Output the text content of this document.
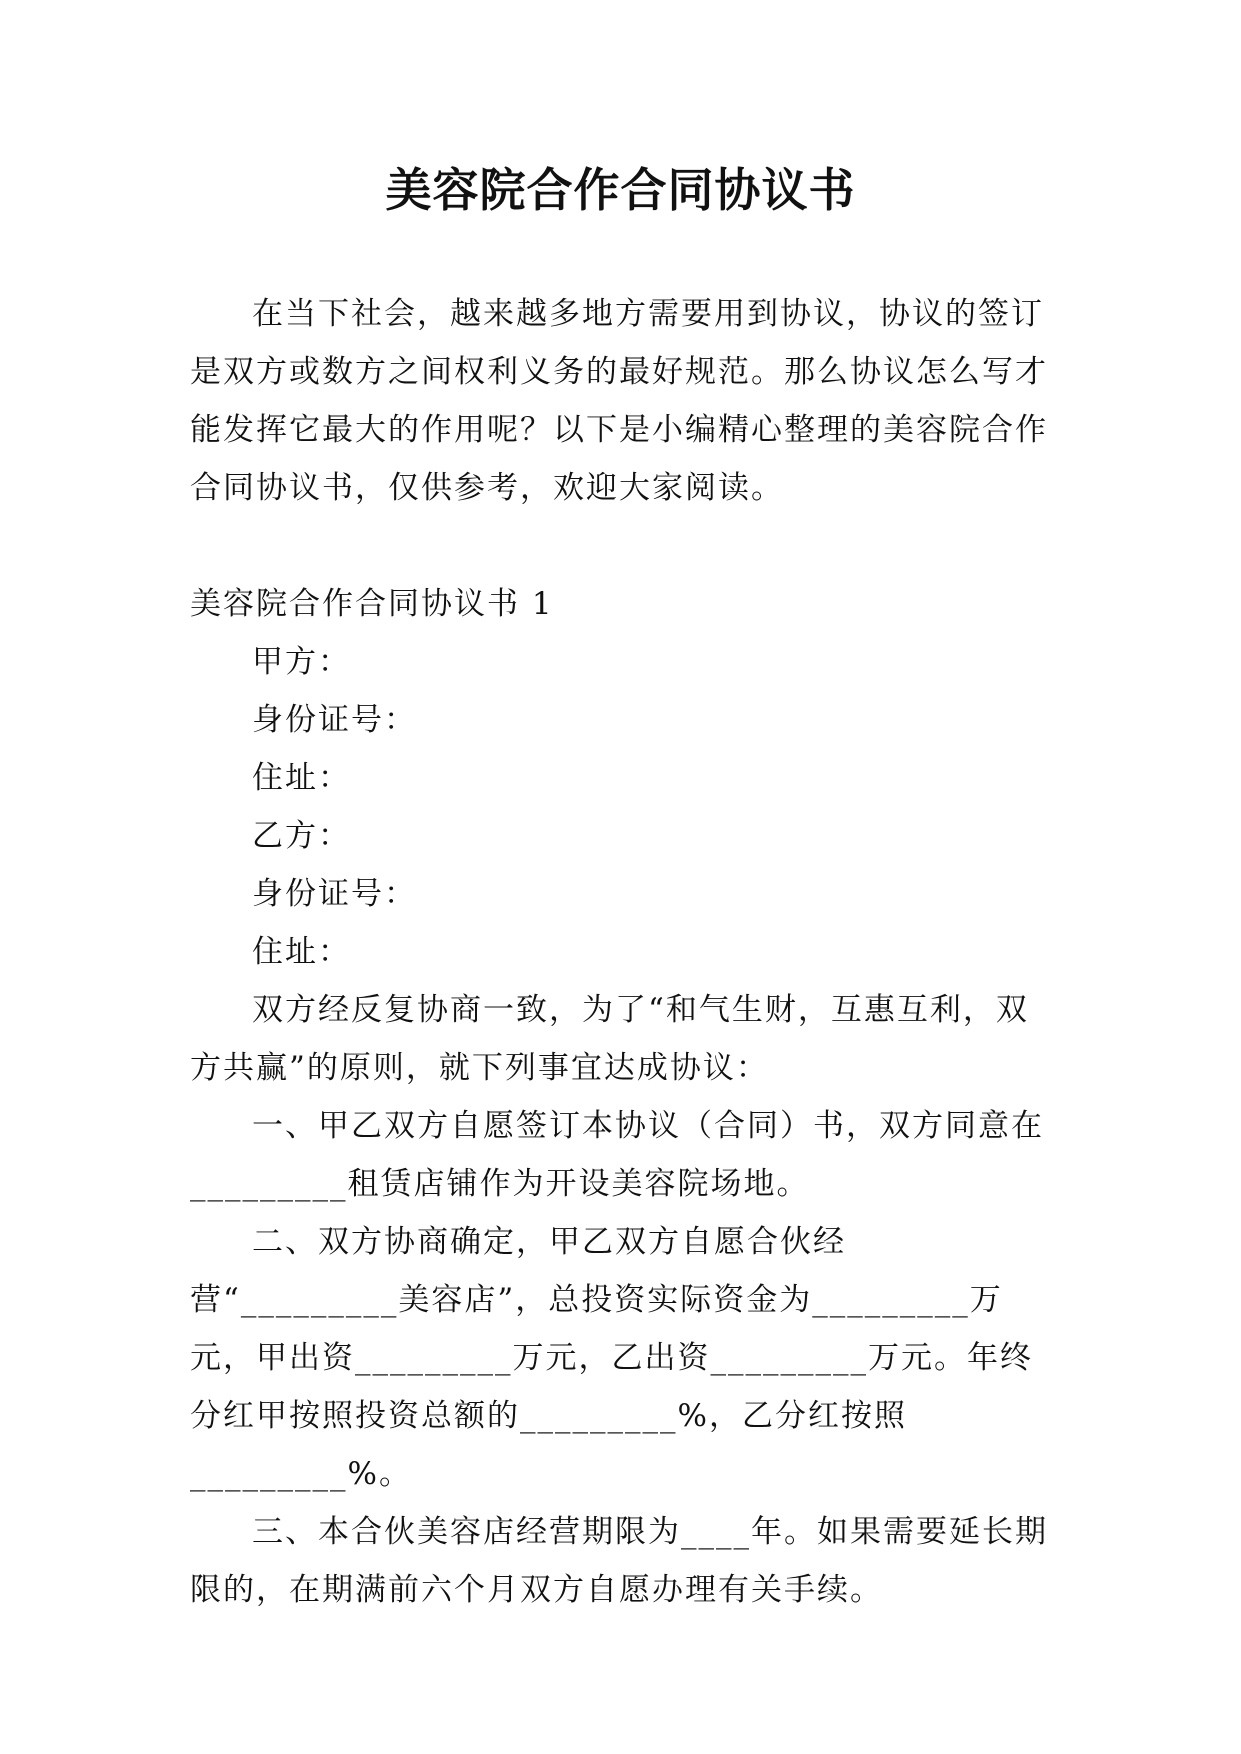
美容院合作合同协议书

在当下社会，越来越多地方需要用到协议，协议的签订是双方或数方之间权利义务的最好规范。那么协议怎么写才能发挥它最大的作用呢？以下是小编精心整理的美容院合作合同协议书，仅供参考，欢迎大家阅读。

美容院合作合同协议书 1

甲方：

身份证号：

住址：

乙方：

身份证号：

住址：

双方经反复协商一致，为了“和气生财，互惠互利，双方共赢”的原则，就下列事宜达成协议：

一、甲乙双方自愿签订本协议（合同）书，双方同意在_________租赁店铺作为开设美容院场地。

二、双方协商确定，甲乙双方自愿合伙经营“_________美容店”，总投资实际资金为_________万元，甲出资_________万元，乙出资_________万元。年终分红甲按照投资总额的_________%，乙分红按照_________%。

三、本合伙美容店经营期限为____年。如果需要延长期限的，在期满前六个月双方自愿办理有关手续。
